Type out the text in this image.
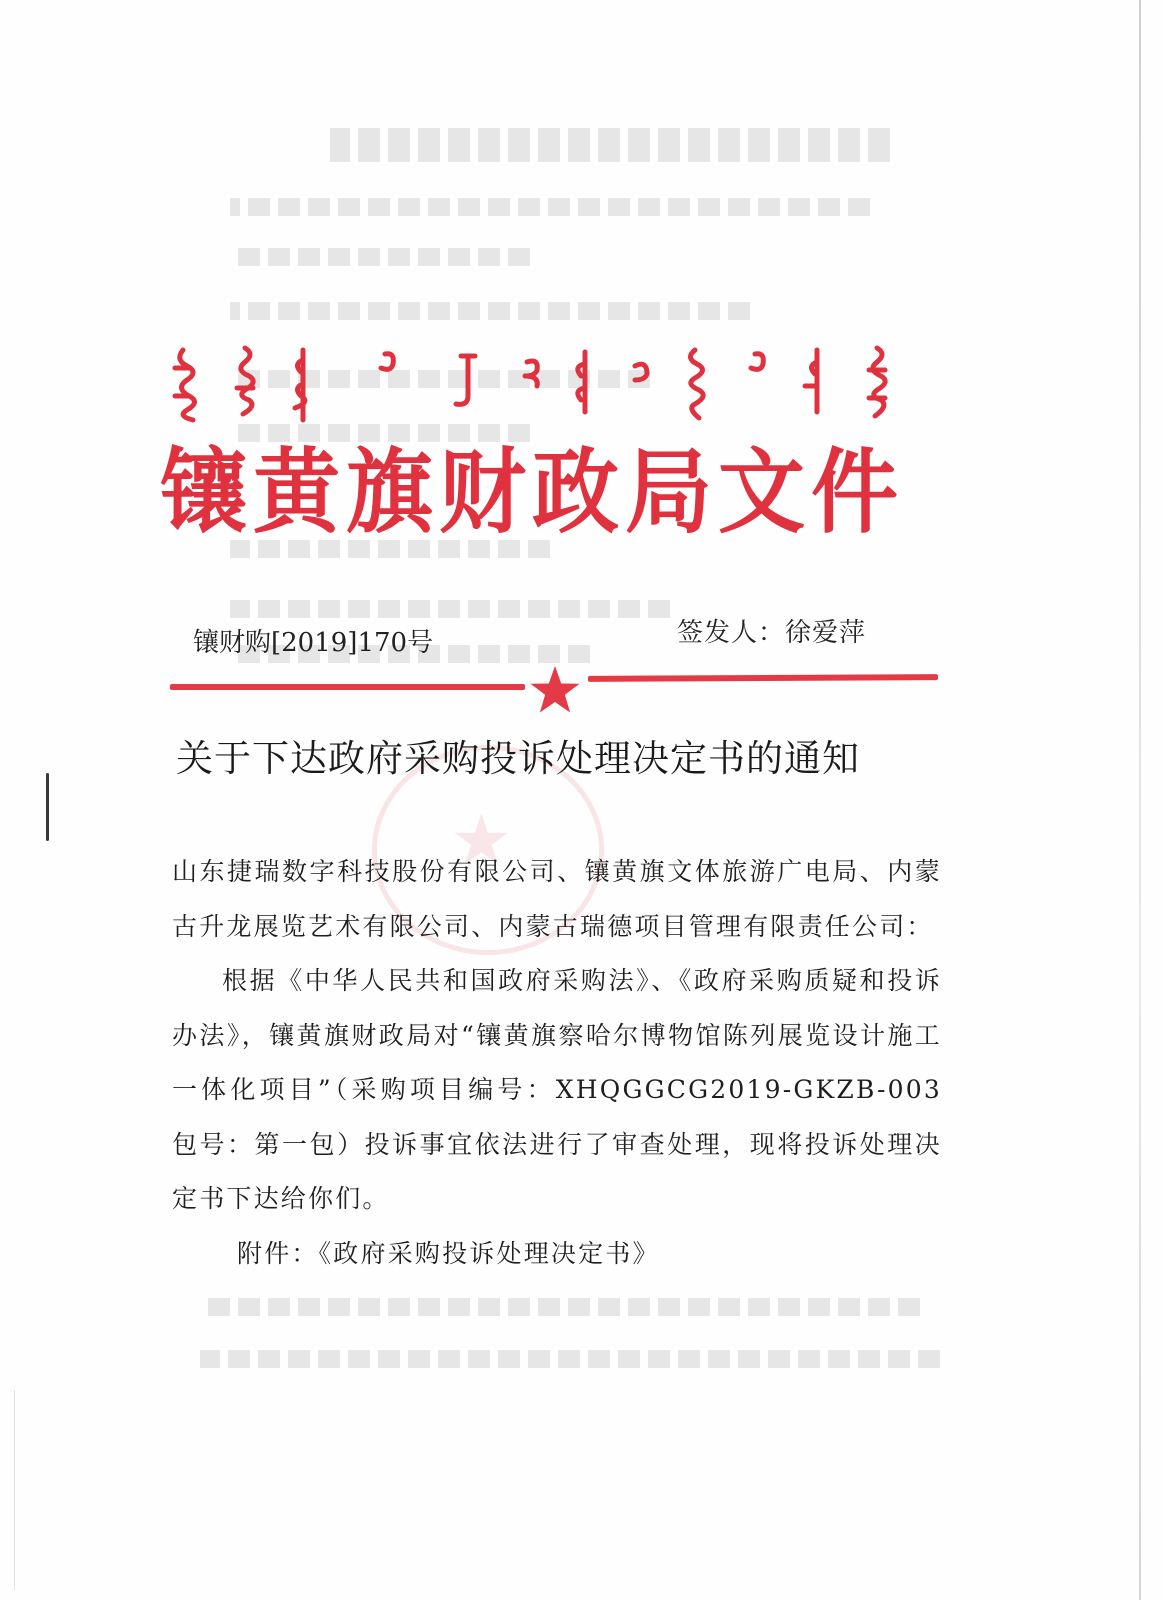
★
镶黄旗财政局文件
镶财购[2019]170号	签发人：徐爱萍
关于下达政府采购投诉处理决定书的通知

山东捷瑞数字科技股份有限公司、镶黄旗文体旅游广电局、内蒙古升龙展览艺术有限公司、内蒙古瑞德项目管理有限责任公司：

根据《中华人民共和国政府采购法》、《政府采购质疑和投诉办法》，镶黄旗财政局对“镶黄旗察哈尔博物馆陈列展览设计施工一体化项目”（采购项目编号：XHQGGCG2019-GKZB-003 包号：第一包）投诉事宜依法进行了审查处理，现将投诉处理决定书下达给你们。

附件：《政府采购投诉处理决定书》
